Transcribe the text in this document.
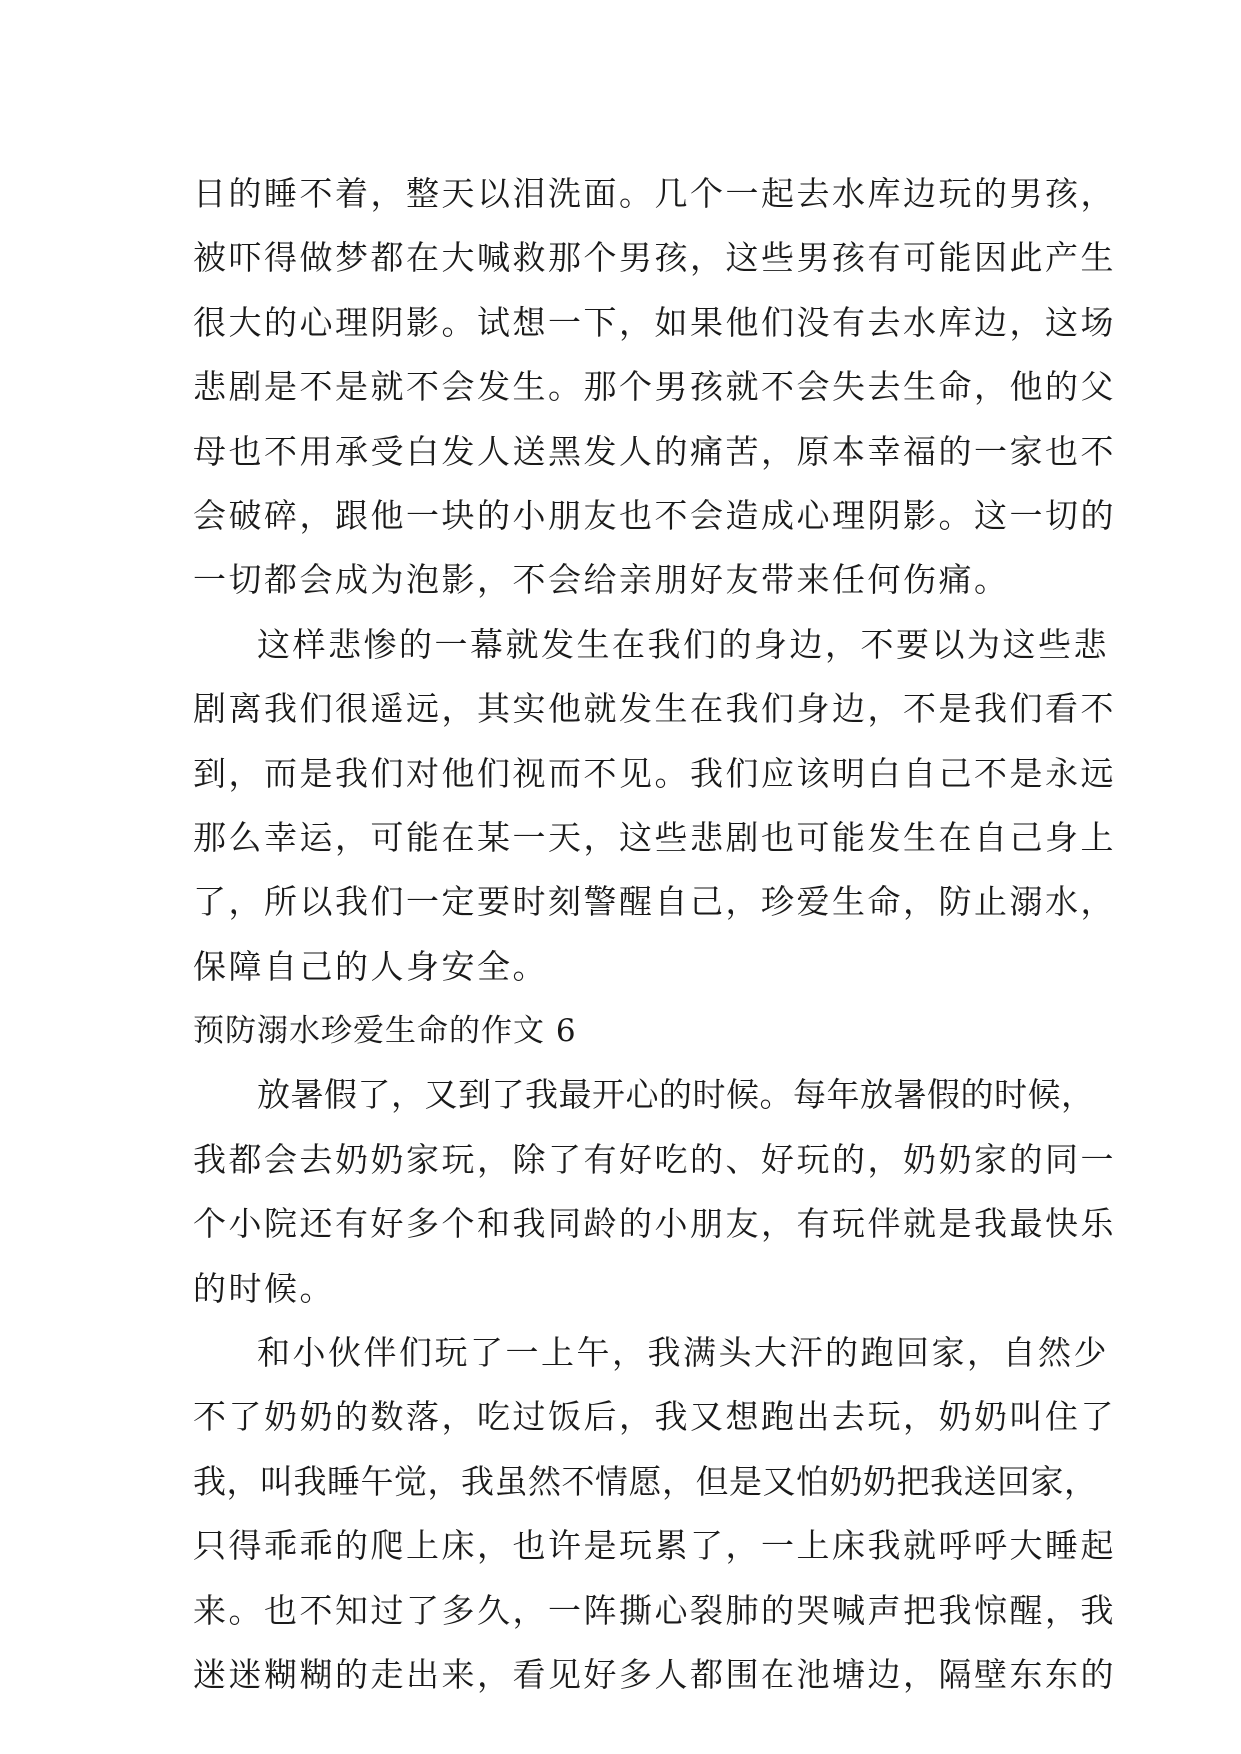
日的睡不着，整天以泪洗面。几个一起去水库边玩的男孩，
被吓得做梦都在大喊救那个男孩，这些男孩有可能因此产生
很大的心理阴影。试想一下，如果他们没有去水库边，这场
悲剧是不是就不会发生。那个男孩就不会失去生命，他的父
母也不用承受白发人送黑发人的痛苦，原本幸福的一家也不
会破碎，跟他一块的小朋友也不会造成心理阴影。这一切的
一切都会成为泡影，不会给亲朋好友带来任何伤痛。
这样悲惨的一幕就发生在我们的身边，不要以为这些悲
剧离我们很遥远，其实他就发生在我们身边，不是我们看不
到，而是我们对他们视而不见。我们应该明白自己不是永远
那么幸运，可能在某一天，这些悲剧也可能发生在自己身上
了，所以我们一定要时刻警醒自己，珍爱生命，防止溺水，
保障自己的人身安全。
预防溺水珍爱生命的作文 6
放暑假了，又到了我最开心的时候。每年放暑假的时候，
我都会去奶奶家玩，除了有好吃的、好玩的，奶奶家的同一
个小院还有好多个和我同龄的小朋友，有玩伴就是我最快乐
的时候。
和小伙伴们玩了一上午，我满头大汗的跑回家，自然少
不了奶奶的数落，吃过饭后，我又想跑出去玩，奶奶叫住了
我，叫我睡午觉，我虽然不情愿，但是又怕奶奶把我送回家，
只得乖乖的爬上床，也许是玩累了，一上床我就呼呼大睡起
来。也不知过了多久，一阵撕心裂肺的哭喊声把我惊醒，我
迷迷糊糊的走出来，看见好多人都围在池塘边，隔壁东东的
